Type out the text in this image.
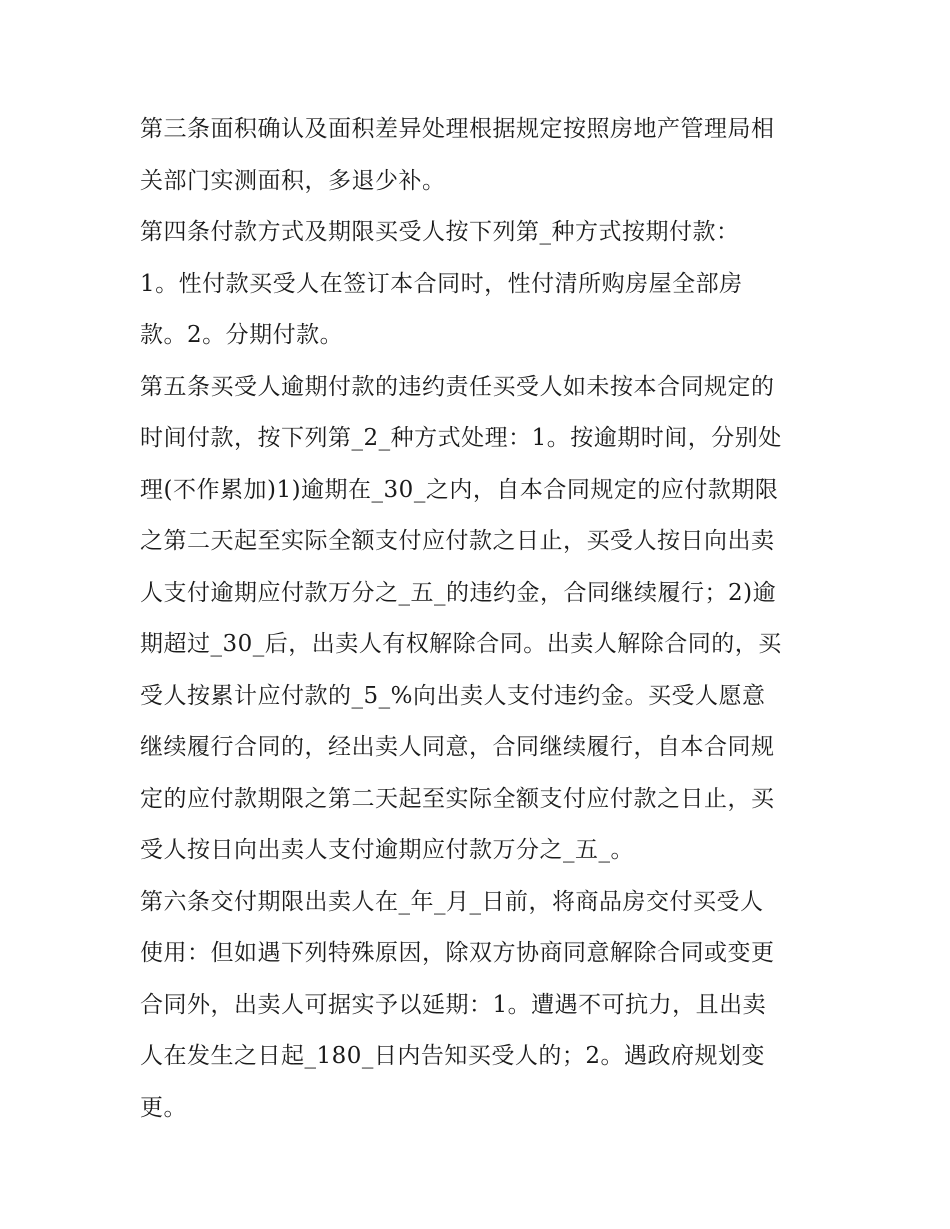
第三条面积确认及面积差异处理根据规定按照房地产管理局相
关部门实测面积，多退少补。
第四条付款方式及期限买受人按下列第_种方式按期付款：
1。性付款买受人在签订本合同时，性付清所购房屋全部房
款。2。分期付款。
第五条买受人逾期付款的违约责任买受人如未按本合同规定的
时间付款，按下列第_2_种方式处理：1。按逾期时间，分别处
理(不作累加)1)逾期在_30_之内，自本合同规定的应付款期限
之第二天起至实际全额支付应付款之日止，买受人按日向出卖
人支付逾期应付款万分之_五_的违约金，合同继续履行；2)逾
期超过_30_后，出卖人有权解除合同。出卖人解除合同的，买
受人按累计应付款的_5_%向出卖人支付违约金。买受人愿意
继续履行合同的，经出卖人同意，合同继续履行，自本合同规
定的应付款期限之第二天起至实际全额支付应付款之日止，买
受人按日向出卖人支付逾期应付款万分之_五_。
第六条交付期限出卖人在_年_月_日前，将商品房交付买受人
使用：但如遇下列特殊原因，除双方协商同意解除合同或变更
合同外，出卖人可据实予以延期：1。遭遇不可抗力，且出卖
人在发生之日起_180_日内告知买受人的；2。遇政府规划变
更。
